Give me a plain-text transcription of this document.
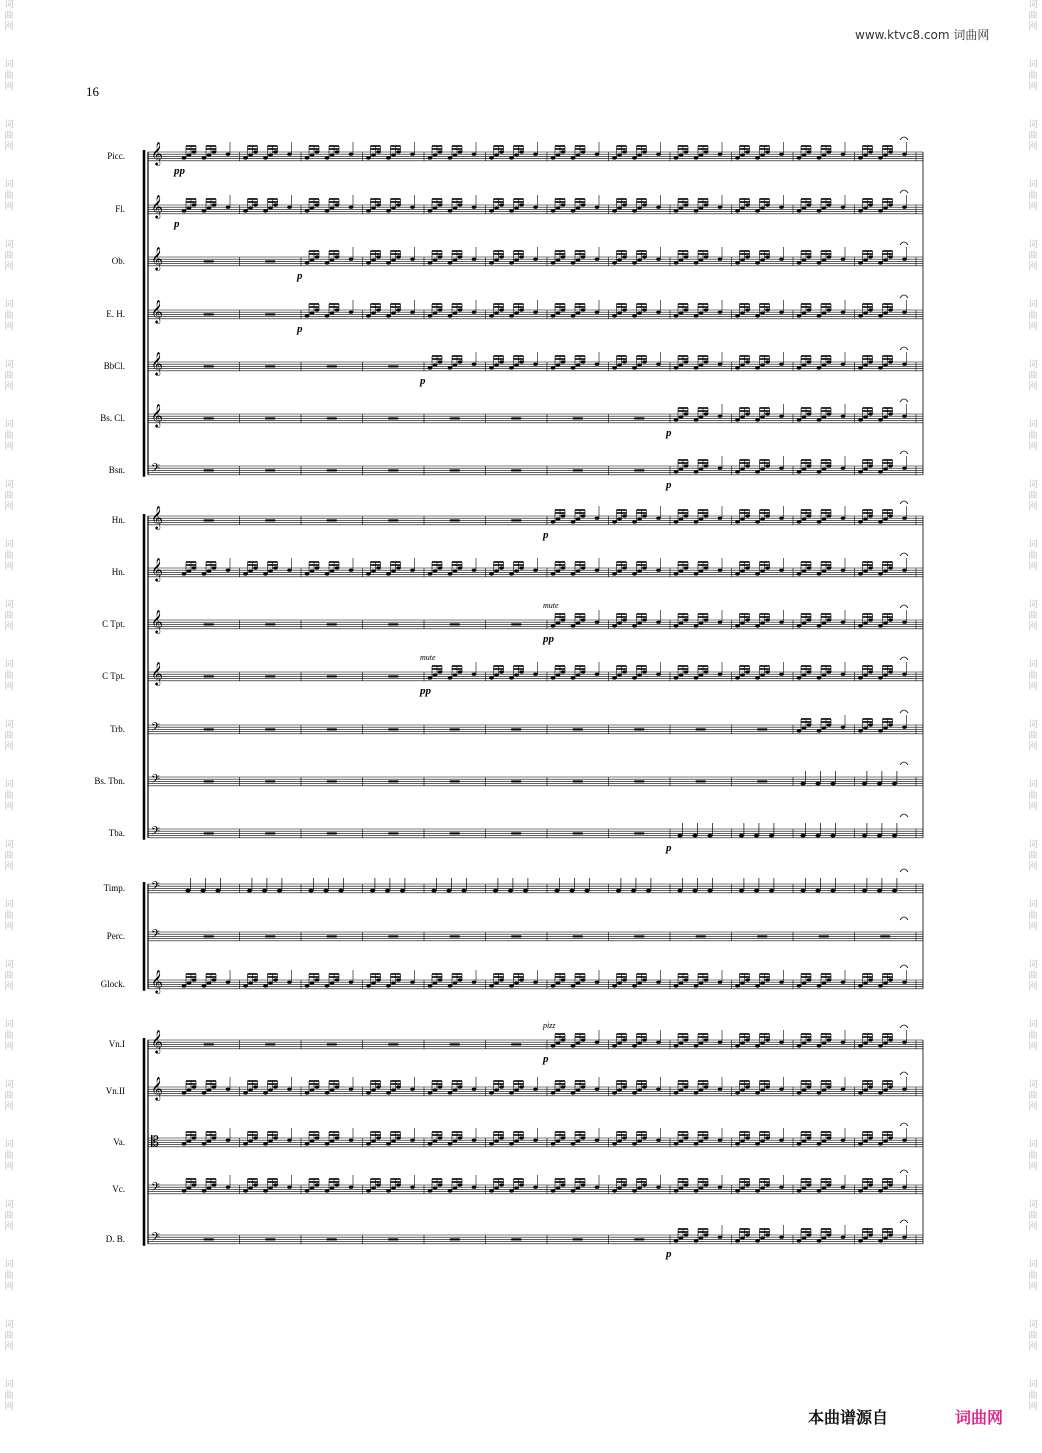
词
曲
网
词
曲
网
词
曲
网
词
曲
网
词
曲
网
词
曲
网
词
曲
网
词
曲
网
词
曲
网
词
曲
网
词
曲
网
词
曲
网
词
曲
网
词
曲
网
词
曲
网
词
曲
网
词
曲
网
词
曲
网
词
曲
网
词
曲
网
词
曲
网
词
曲
网
词
曲
网
词
曲
网
词
曲
网
词
曲
网
词
曲
网
词
曲
网
词
曲
网
词
曲
网
词
曲
网
词
曲
网
词
曲
网
词
曲
网
词
曲
网
词
曲
网
词
曲
网
词
曲
网
词
曲
网
词
曲
网
词
曲
网
词
曲
网
词
曲
网
词
曲
网
词
曲
网
词
曲
网
词
曲
网
词
曲
网
www.ktvc8.com 词曲网
16
Picc.
Fl.
Ob.
E. H.
BbCl.
Bs. Cl.
Bsn.
Hn.
Hn.
C Tpt.
C Tpt.
Trb.
Bs. Tbn.
Tba.
Timp.
Perc.
Glock.
Vn.I
Vn.II
Va.
Vc.
D. B.
𝄞
pp
𝄞
p
𝄞
p
𝄞
p
𝄞
p
𝄞
p
𝄢
p
𝄞
p
𝄞
𝄞
pp
mute
𝄞
pp
mute
𝄢
𝄢
𝄢
p
𝄢
𝄢
𝄞
𝄞
p
pizz
𝄞
𝄡
𝄢
𝄢
p
本曲谱源自	词曲网
